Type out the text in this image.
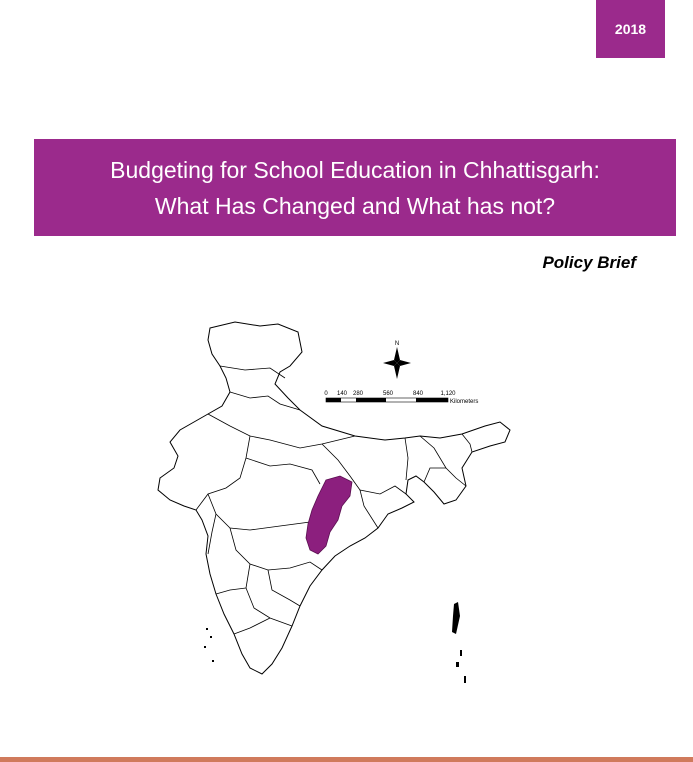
2018
Budgeting for School Education in Chhattisgarh:
What Has Changed and What has not?
Policy Brief
N
0 140 280	560	840	1,120
Kilometers
